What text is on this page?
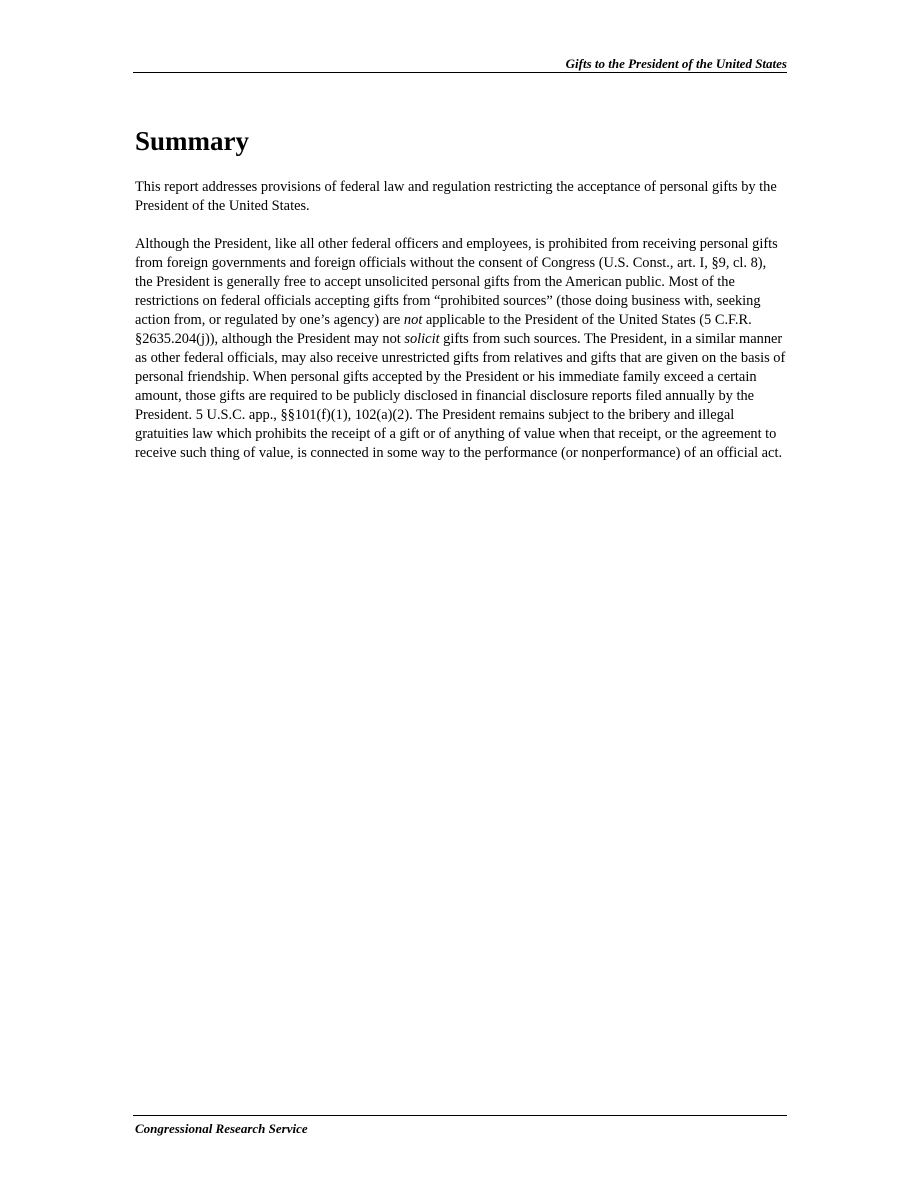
Gifts to the President of the United States
Summary

This report addresses provisions of federal law and regulation restricting the acceptance of personal gifts by the President of the United States.

Although the President, like all other federal officers and employees, is prohibited from receiving personal gifts from foreign governments and foreign officials without the consent of Congress (U.S. Const., art. I, §9, cl. 8), the President is generally free to accept unsolicited personal gifts from the American public. Most of the restrictions on federal officials accepting gifts from “prohibited sources” (those doing business with, seeking action from, or regulated by one’s agency) are not applicable to the President of the United States (5 C.F.R. §2635.204(j)), although the President may not solicit gifts from such sources. The President, in a similar manner as other federal officials, may also receive unrestricted gifts from relatives and gifts that are given on the basis of personal friendship. When personal gifts accepted by the President or his immediate family exceed a certain amount, those gifts are required to be publicly disclosed in financial disclosure reports filed annually by the President. 5 U.S.C. app., §§101(f)(1), 102(a)(2). The President remains subject to the bribery and illegal gratuities law which prohibits the receipt of a gift or of anything of value when that receipt, or the agreement to receive such thing of value, is connected in some way to the performance (or nonperformance) of an official act.

Congressional Research Service
